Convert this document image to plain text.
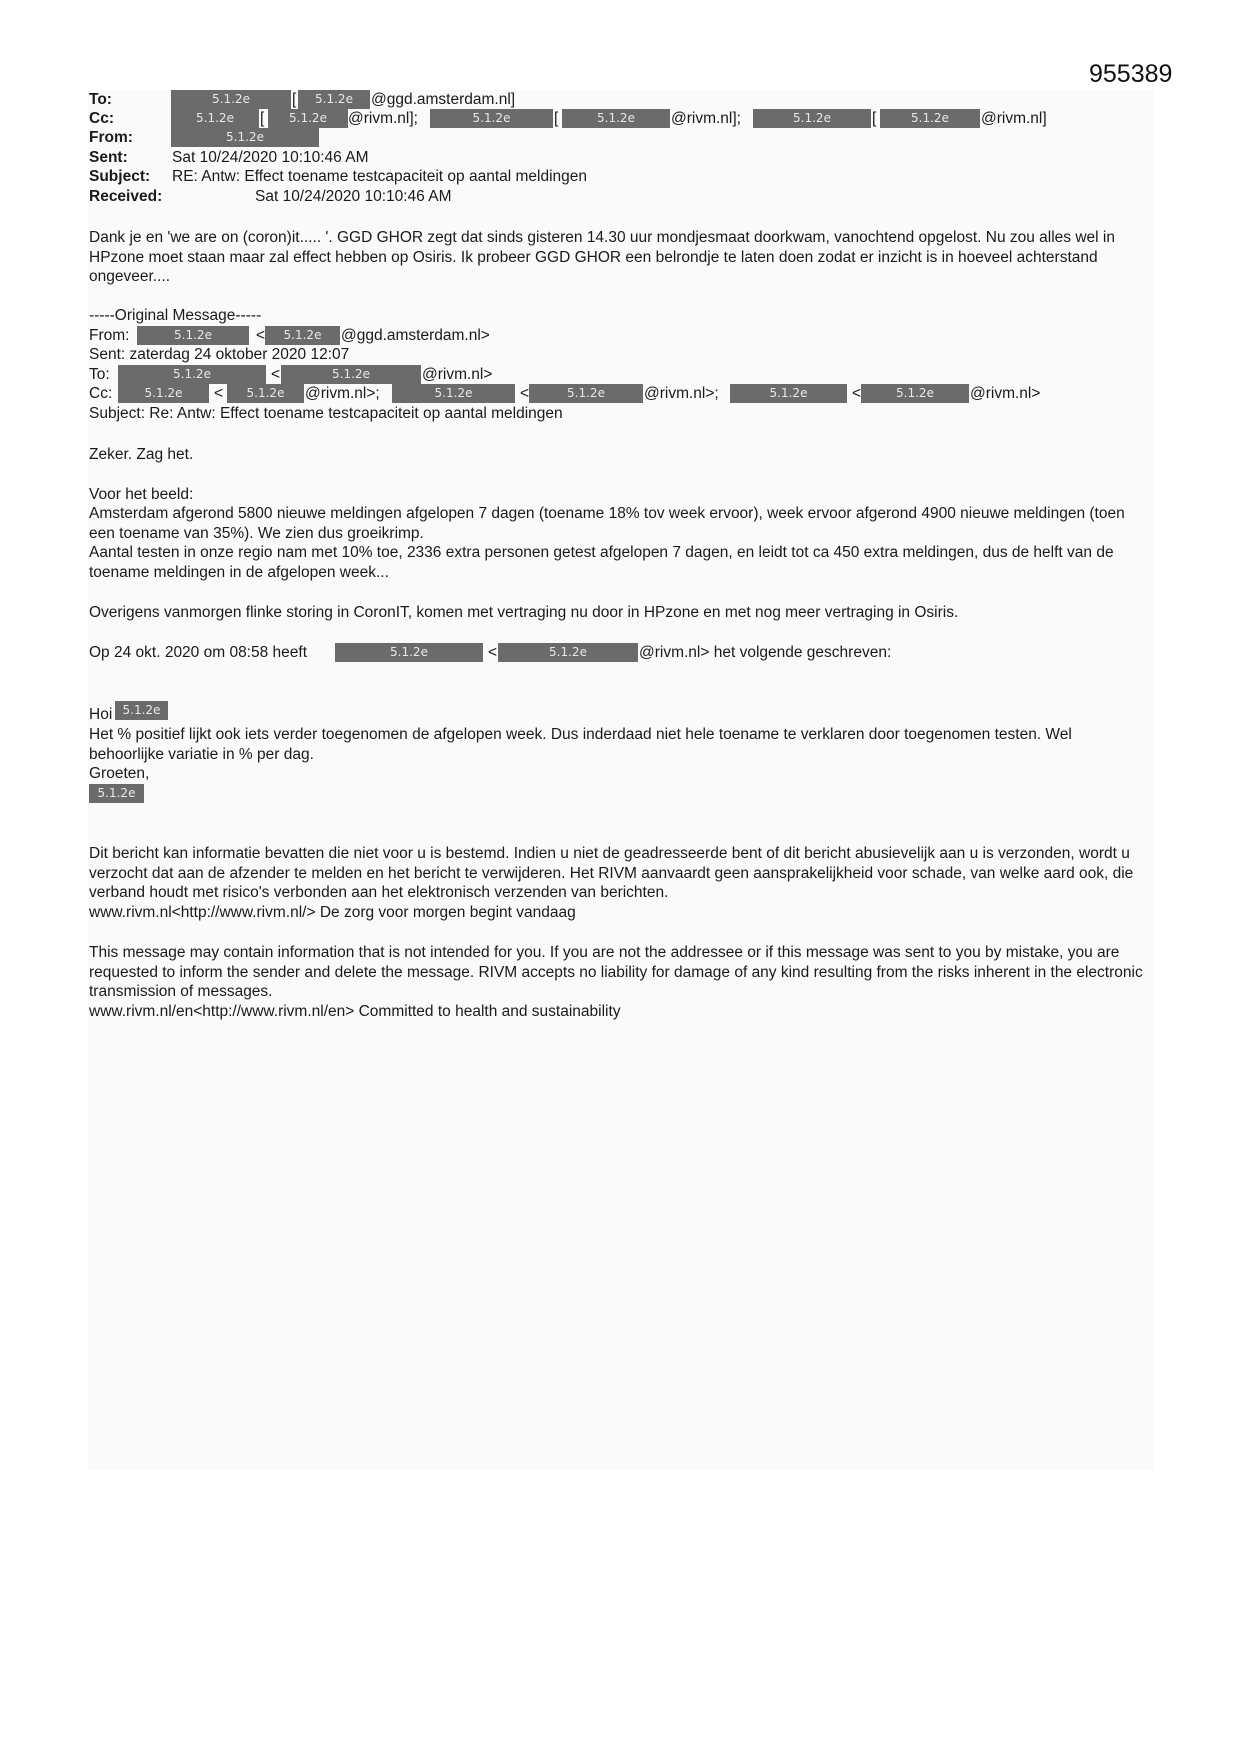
955389
To:	5.1.2e	[	5.1.2e	@ggd.amsterdam.nl]
Cc:	5.1.2e	[	5.1.2e	@rivm.nl];	5.1.2e	[	5.1.2e	@rivm.nl];	5.1.2e	[	5.1.2e	@rivm.nl]
From:	5.1.2e
Sent:	Sat 10/24/2020 10:10:46 AM
Subject: RE: Antw: Effect toename testcapaciteit op aantal meldingen
Received:	Sat 10/24/2020 10:10:46 AM
Dank je en 'we are on (coron)it..... '. GGD GHOR zegt dat sinds gisteren 14.30 uur mondjesmaat doorkwam, vanochtend opgelost. Nu zou alles wel in HPzone moet staan maar zal effect hebben op Osiris. Ik probeer GGD GHOR een belrondje te laten doen zodat er inzicht is in hoeveel achterstand ongeveer....
-----Original Message-----
From:	5.1.2e	<	5.1.2e	@ggd.amsterdam.nl>
Sent: zaterdag 24 oktober 2020 12:07
To:	5.1.2e	<	5.1.2e	@rivm.nl>
Cc:	5.1.2e	<	5.1.2e	@rivm.nl>;	5.1.2e	<	5.1.2e	@rivm.nl>;	5.1.2e	<	5.1.2e	@rivm.nl>
Subject: Re: Antw: Effect toename testcapaciteit op aantal meldingen
Zeker. Zag het.
Voor het beeld:
Amsterdam afgerond 5800 nieuwe meldingen afgelopen 7 dagen (toename 18% tov week ervoor), week ervoor afgerond 4900 nieuwe meldingen (toen een toename van 35%). We zien dus groeikrimp.
Aantal testen in onze regio nam met 10% toe, 2336 extra personen getest afgelopen 7 dagen, en leidt tot ca 450 extra meldingen, dus de helft van de toename meldingen in de afgelopen week...
Overigens vanmorgen flinke storing in CoronIT, komen met vertraging nu door in HPzone en met nog meer vertraging in Osiris.
Op 24 okt. 2020 om 08:58 heeft	5.1.2e	<	5.1.2e	@rivm.nl> het volgende geschreven:
Hoi 5.1.2e
Het % positief lijkt ook iets verder toegenomen de afgelopen week. Dus inderdaad niet hele toename te verklaren door toegenomen testen. Wel behoorlijke variatie in % per dag.
Groeten,
5.1.2e
Dit bericht kan informatie bevatten die niet voor u is bestemd. Indien u niet de geadresseerde bent of dit bericht abusievelijk aan u is verzonden, wordt u verzocht dat aan de afzender te melden en het bericht te verwijderen. Het RIVM aanvaardt geen aansprakelijkheid voor schade, van welke aard ook, die verband houdt met risico's verbonden aan het elektronisch verzenden van berichten.
www.rivm.nl<http://www.rivm.nl/> De zorg voor morgen begint vandaag
This message may contain information that is not intended for you. If you are not the addressee or if this message was sent to you by mistake, you are requested to inform the sender and delete the message. RIVM accepts no liability for damage of any kind resulting from the risks inherent in the electronic transmission of messages.
www.rivm.nl/en<http://www.rivm.nl/en> Committed to health and sustainability
